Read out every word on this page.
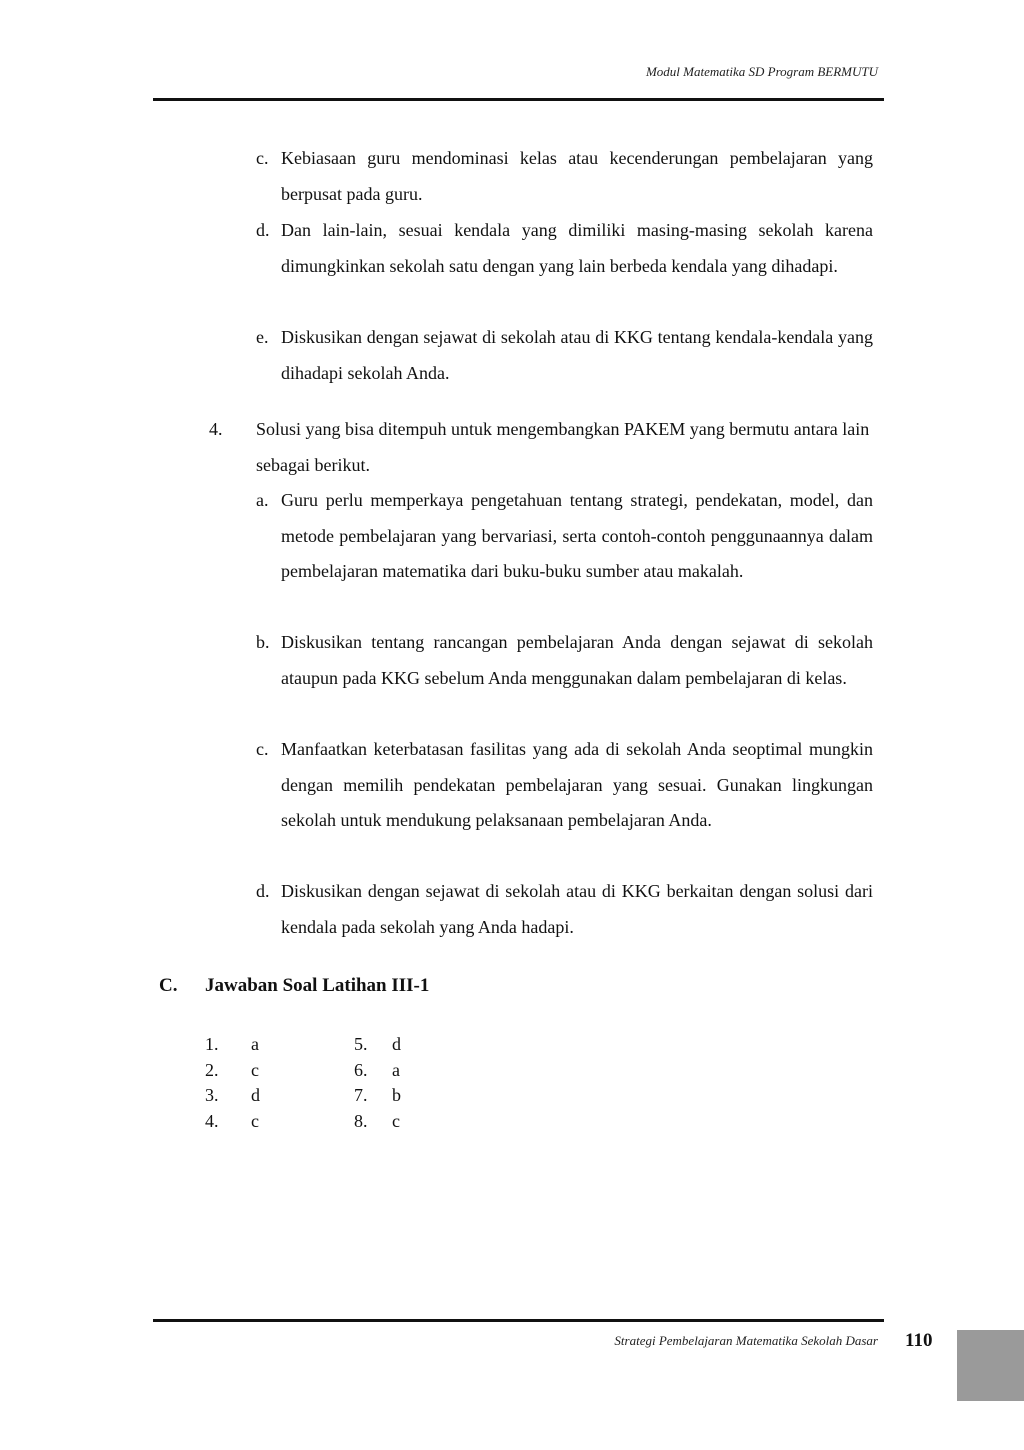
Modul Matematika SD Program BERMUTU
c. Kebiasaan guru mendominasi kelas atau kecenderungan pembelajaran yang berpusat pada guru.
d. Dan lain-lain, sesuai kendala yang dimiliki masing-masing sekolah karena dimungkinkan sekolah satu dengan yang lain berbeda kendala yang dihadapi.
e. Diskusikan dengan sejawat di sekolah atau di KKG tentang kendala-kendala yang dihadapi sekolah Anda.
4. Solusi yang bisa ditempuh untuk mengembangkan PAKEM yang bermutu antara lain sebagai berikut.
a. Guru perlu memperkaya pengetahuan tentang strategi, pendekatan, model, dan metode pembelajaran yang bervariasi, serta contoh-contoh penggunaannya dalam pembelajaran matematika dari buku-buku sumber atau makalah.
b. Diskusikan tentang rancangan pembelajaran Anda dengan sejawat di sekolah ataupun pada KKG sebelum Anda menggunakan dalam pembelajaran di kelas.
c. Manfaatkan keterbatasan fasilitas yang ada di sekolah Anda seoptimal mungkin dengan memilih pendekatan pembelajaran yang sesuai. Gunakan lingkungan sekolah untuk mendukung pelaksanaan pembelajaran Anda.
d. Diskusikan dengan sejawat di sekolah atau di KKG berkaitan dengan solusi dari kendala pada sekolah yang Anda hadapi.
C. Jawaban Soal Latihan III-1
1. a
2. c
3. d
4. c
5. d
6. a
7. b
8. c
Strategi Pembelajaran Matematika Sekolah Dasar 110
